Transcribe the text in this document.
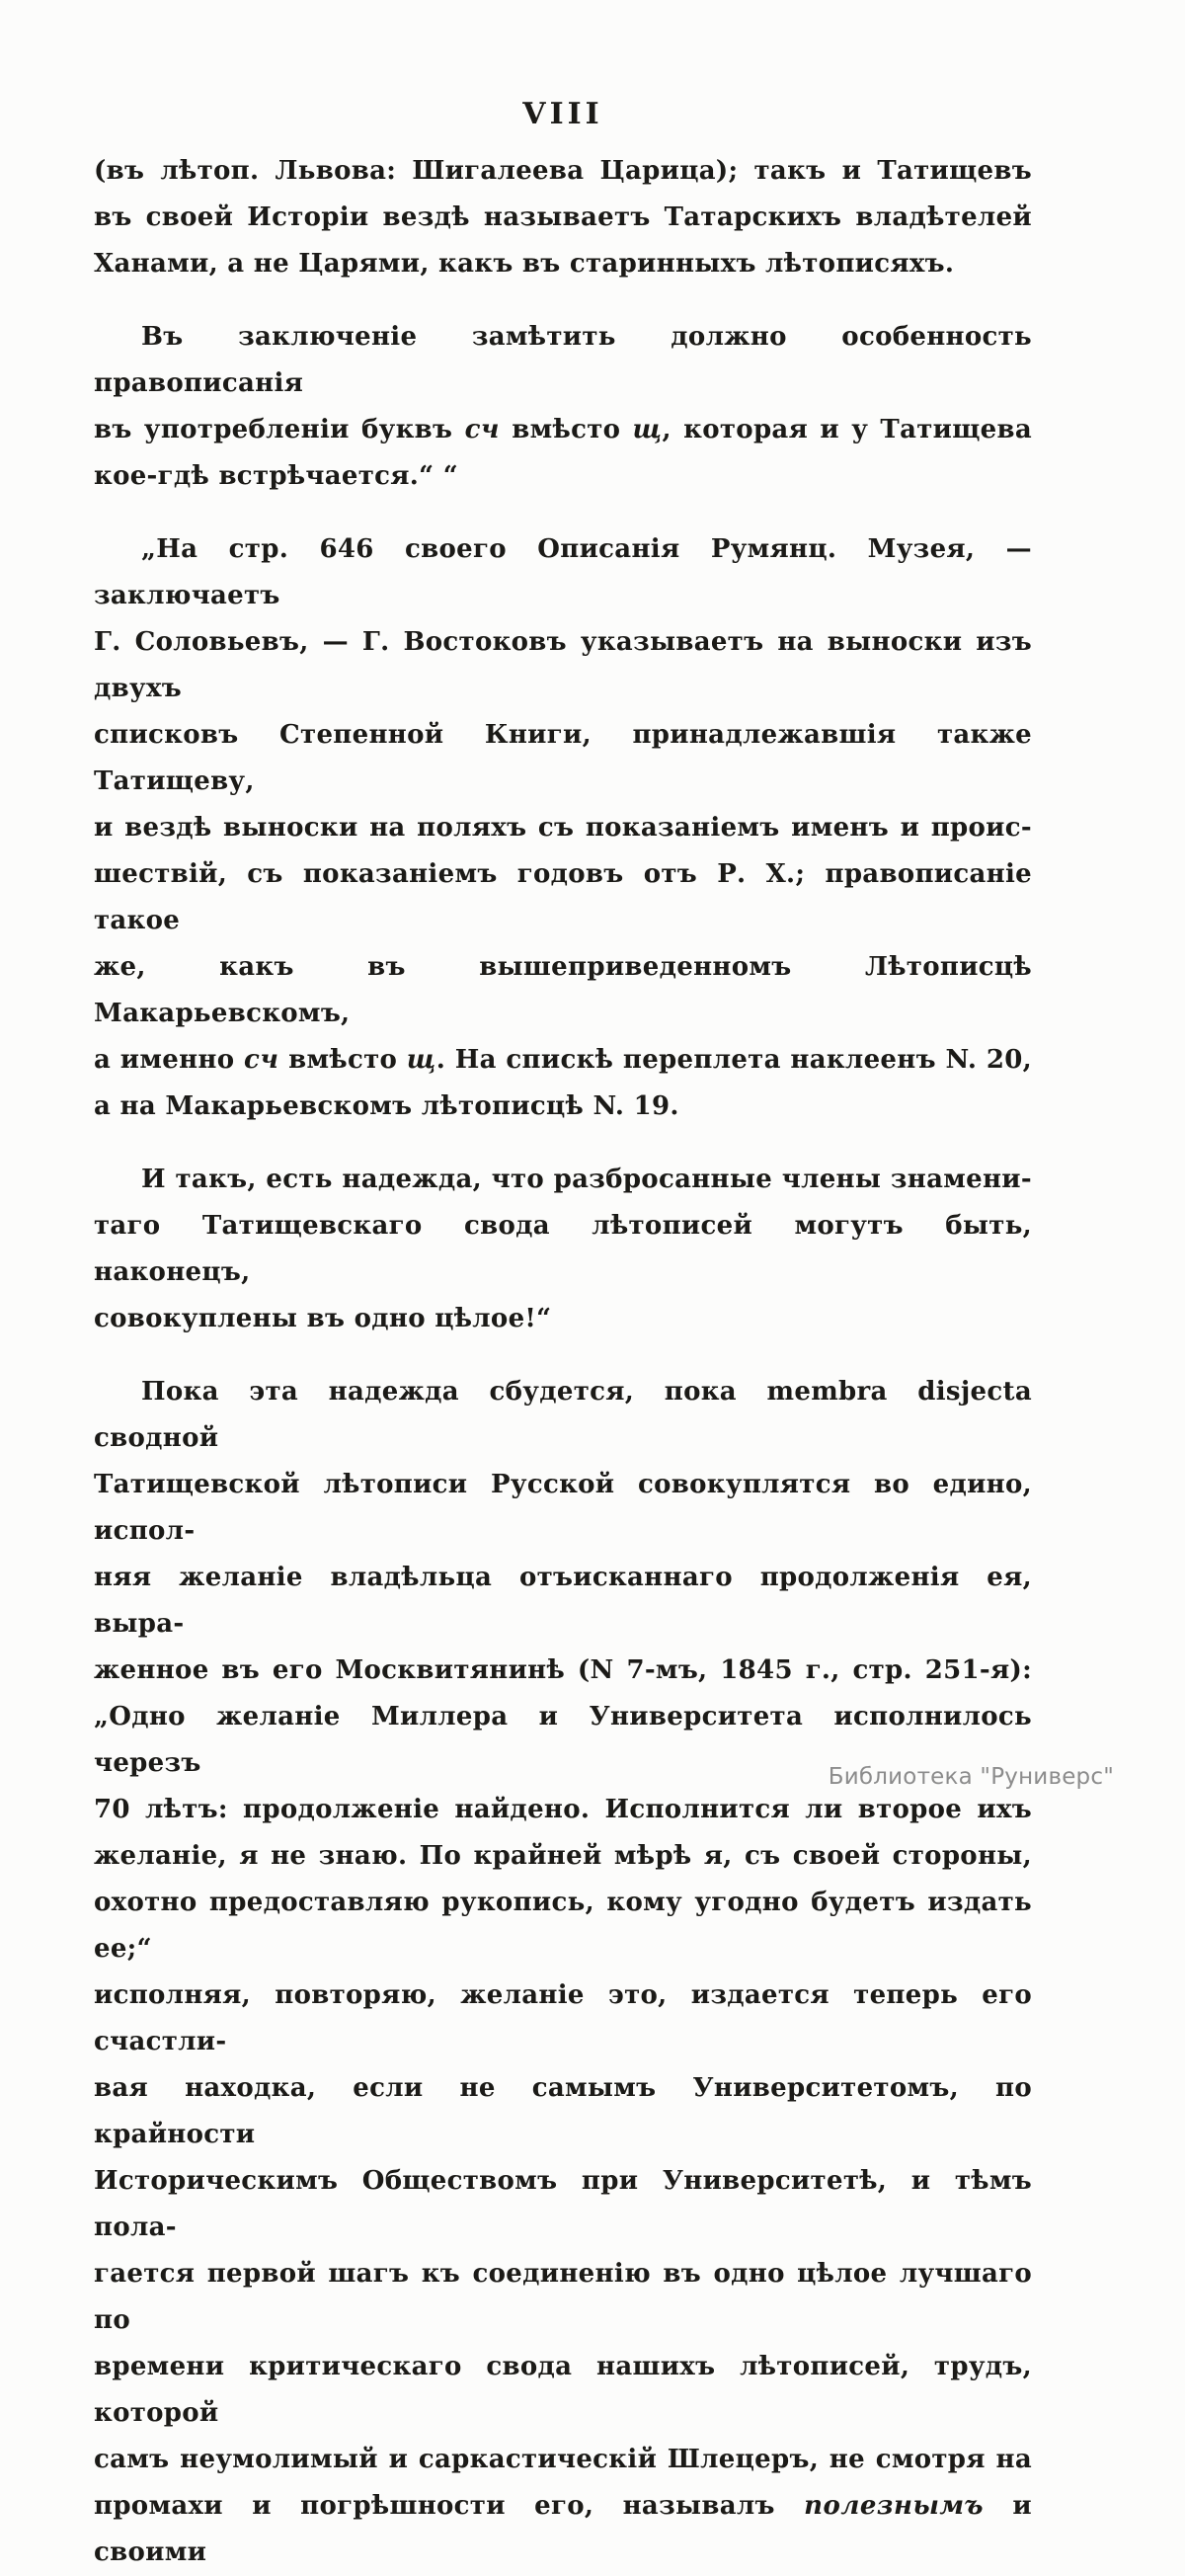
VIII
(въ лѣтоп. Львова: Шигалеева Царица); такъ и Татищевъ
въ своей Исторіи вездѣ называетъ Татарскихъ владѣтелей
Ханами, а не Царями, какъ въ старинныхъ лѣтописяхъ.
Въ заключеніе замѣтить должно особенность правописанія
въ употребленіи буквъ сч вмѣсто щ, которая и у Татищева
кое-гдѣ встрѣчается.“ “
„На стр. 646 своего Описанія Румянц. Музея, — заключаетъ
Г. Соловьевъ, — Г. Востоковъ указываетъ на выноски изъ двухъ
списковъ Степенной Книги, принадлежавшія также Татищеву,
и вездѣ выноски на поляхъ съ показаніемъ именъ и проис-
шествій, съ показаніемъ годовъ отъ Р. Х.; правописаніе такое
же, какъ въ вышеприведенномъ Лѣтописцѣ Макарьевскомъ,
а именно сч вмѣсто щ. На спискѣ переплета наклеенъ N. 20,
а на Макарьевскомъ лѣтописцѣ N. 19.
И такъ, есть надежда, что разбросанные члены знамени-
таго Татищевскаго свода лѣтописей могутъ быть, наконецъ,
совокуплены въ одно цѣлое!“
Пока эта надежда сбудется, пока membra disjecta сводной
Татищевской лѣтописи Русской совокуплятся во едино, испол-
няя желаніе владѣльца отъисканнаго продолженія ея, выра-
женное въ его Москвитянинѣ (N 7-мъ, 1845 г., стр. 251-я):
„Одно желаніе Миллера и Университета исполнилось черезъ
70 лѣтъ: продолженіе найдено. Исполнится ли второе ихъ
желаніе, я не знаю. По крайней мѣрѣ я, съ своей стороны,
охотно предоставляю рукопись, кому угодно будетъ издать ее;“
исполняя, повторяю, желаніе это, издается теперь его счастли-
вая находка, если не самымъ Университетомъ, по крайности
Историческимъ Обществомъ при Университетѣ, и тѣмъ пола-
гается первой шагъ къ соединенію въ одно цѣлое лучшаго по
времени критическаго свода нашихъ лѣтописей, трудъ, которой
самъ неумолимый и саркастическій Шлецеръ, не смотря на
промахи и погрѣшности его, называлъ полезнымъ и своими
Библиотека "Руниверс"
